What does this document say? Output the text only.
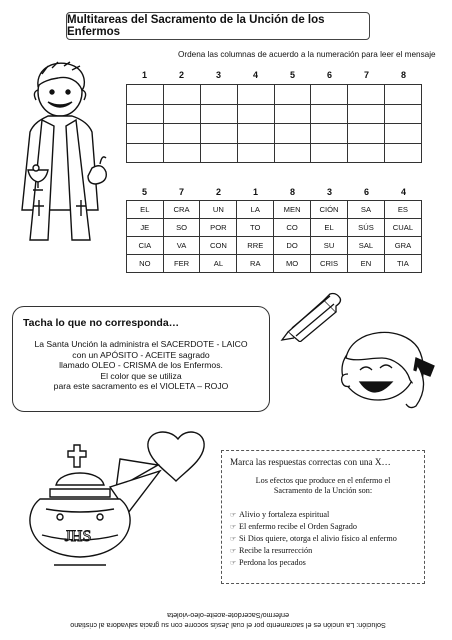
Multitareas del Sacramento de la Unción de los Enfermos
Ordena las columnas de acuerdo a la numeración para leer el mensaje
1	2	3	4	5	6	7	8

5	7	2	1	8	3	6	4
EL	CRA	UN	LA	MEN	CIÓN	SA	ES
JE	SO	POR	TO	CO	EL	SÚS	CUAL
CIA	VA	CON	RRE	DO	SU	SAL	GRA
NO	FER	AL	RA	MO	CRIS	EN	TIA
Tacha lo que no corresponda…
La Santa Unción la administra el SACERDOTE - LAICO
con un APÓSITO - ACEITE sagrado
llamado OLEO - CRISMA de los Enfermos.
El color que se utiliza
para este sacramento es el VIOLETA – ROJO
JHS
Marca las respuestas correctas con una X…
Los efectos que produce en el enfermo el
Sacramento de la Unción son:
☞ Alivio y fortaleza espiritual
☞ El enfermo recibe el Orden Sagrado
☞ Si Dios quiere, otorga el alivio físico al enfermo
☞ Recibe la resurrección
☞ Perdona los pecados
Solución: La unción es el sacramento por el cual Jesús socorre con su gracia salvadora al cristiano
enfermo/Sacerdote-aceite-oleo-violeta
